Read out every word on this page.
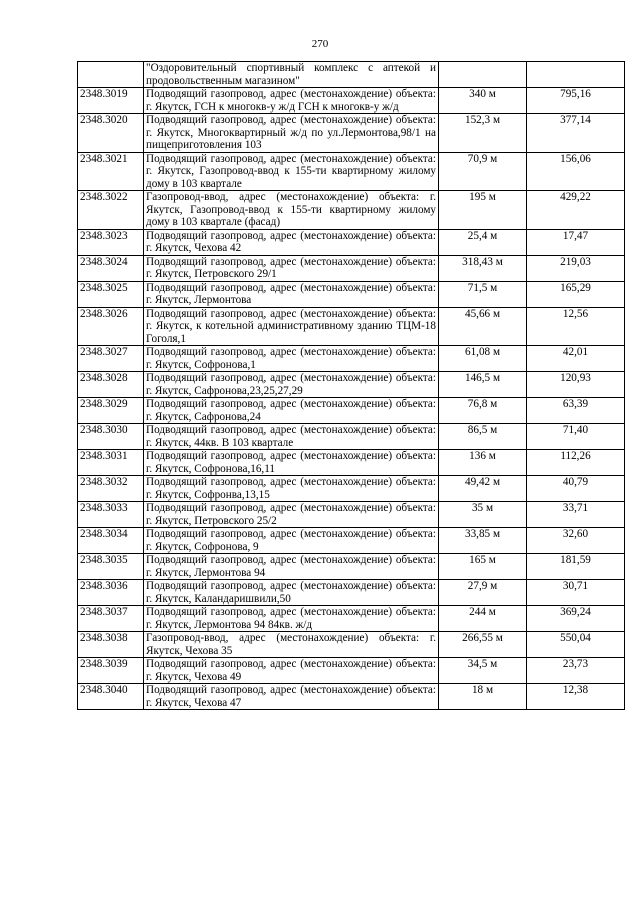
270
	"Оздоровительный спортивный комплекс с аптекой и продовольственным магазином"		
2348.3019	Подводящий газопровод, адрес (местонахождение) объекта: г. Якутск, ГСН к многокв-у ж/д ГСН к многокв-у ж/д	340 м	795,16
2348.3020	Подводящий газопровод, адрес (местонахождение) объекта: г. Якутск, Многоквартирный ж/д по ул.Лермонтова,98/1 на пищеприготовления 103	152,3 м	377,14
2348.3021	Подводящий газопровод, адрес (местонахождение) объекта: г. Якутск, Газопровод-ввод к 155-ти квартирному жилому дому в 103 квартале	70,9 м	156,06
2348.3022	Газопровод-ввод, адрес (местонахождение) объекта: г. Якутск, Газопровод-ввод к 155-ти квартирному жилому дому в 103 квартале (фасад)	195 м	429,22
2348.3023	Подводящий газопровод, адрес (местонахождение) объекта: г. Якутск, Чехова 42	25,4 м	17,47
2348.3024	Подводящий газопровод, адрес (местонахождение) объекта: г. Якутск, Петровского 29/1	318,43 м	219,03
2348.3025	Подводящий газопровод, адрес (местонахождение) объекта: г. Якутск, Лермонтова	71,5 м	165,29
2348.3026	Подводящий газопровод, адрес (местонахождение) объекта: г. Якутск, к котельной административному зданию ТЦМ-18 Гоголя,1	45,66 м	12,56
2348.3027	Подводящий газопровод, адрес (местонахождение) объекта: г. Якутск, Софронова,1	61,08 м	42,01
2348.3028	Подводящий газопровод, адрес (местонахождение) объекта: г. Якутск, Сафронова,23,25,27,29	146,5 м	120,93
2348.3029	Подводящий газопровод, адрес (местонахождение) объекта: г. Якутск, Сафронова,24	76,8 м	63,39
2348.3030	Подводящий газопровод, адрес (местонахождение) объекта: г. Якутск, 44кв. В 103 квартале	86,5 м	71,40
2348.3031	Подводящий газопровод, адрес (местонахождение) объекта: г. Якутск, Софронова,16,11	136 м	112,26
2348.3032	Подводящий газопровод, адрес (местонахождение) объекта: г. Якутск, Софронва,13,15	49,42 м	40,79
2348.3033	Подводящий газопровод, адрес (местонахождение) объекта: г. Якутск, Петровского 25/2	35 м	33,71
2348.3034	Подводящий газопровод, адрес (местонахождение) объекта: г. Якутск, Софронова, 9	33,85 м	32,60
2348.3035	Подводящий газопровод, адрес (местонахождение) объекта: г. Якутск, Лермонтова 94	165 м	181,59
2348.3036	Подводящий газопровод, адрес (местонахождение) объекта: г. Якутск, Каландаришвили,50	27,9 м	30,71
2348.3037	Подводящий газопровод, адрес (местонахождение) объекта: г. Якутск, Лермонтова 94 84кв. ж/д	244 м	369,24
2348.3038	Газопровод-ввод, адрес (местонахождение) объекта: г. Якутск, Чехова 35	266,55 м	550,04
2348.3039	Подводящий газопровод, адрес (местонахождение) объекта: г. Якутск, Чехова 49	34,5 м	23,73
2348.3040	Подводящий газопровод, адрес (местонахождение) объекта: г. Якутск, Чехова 47	18 м	12,38
